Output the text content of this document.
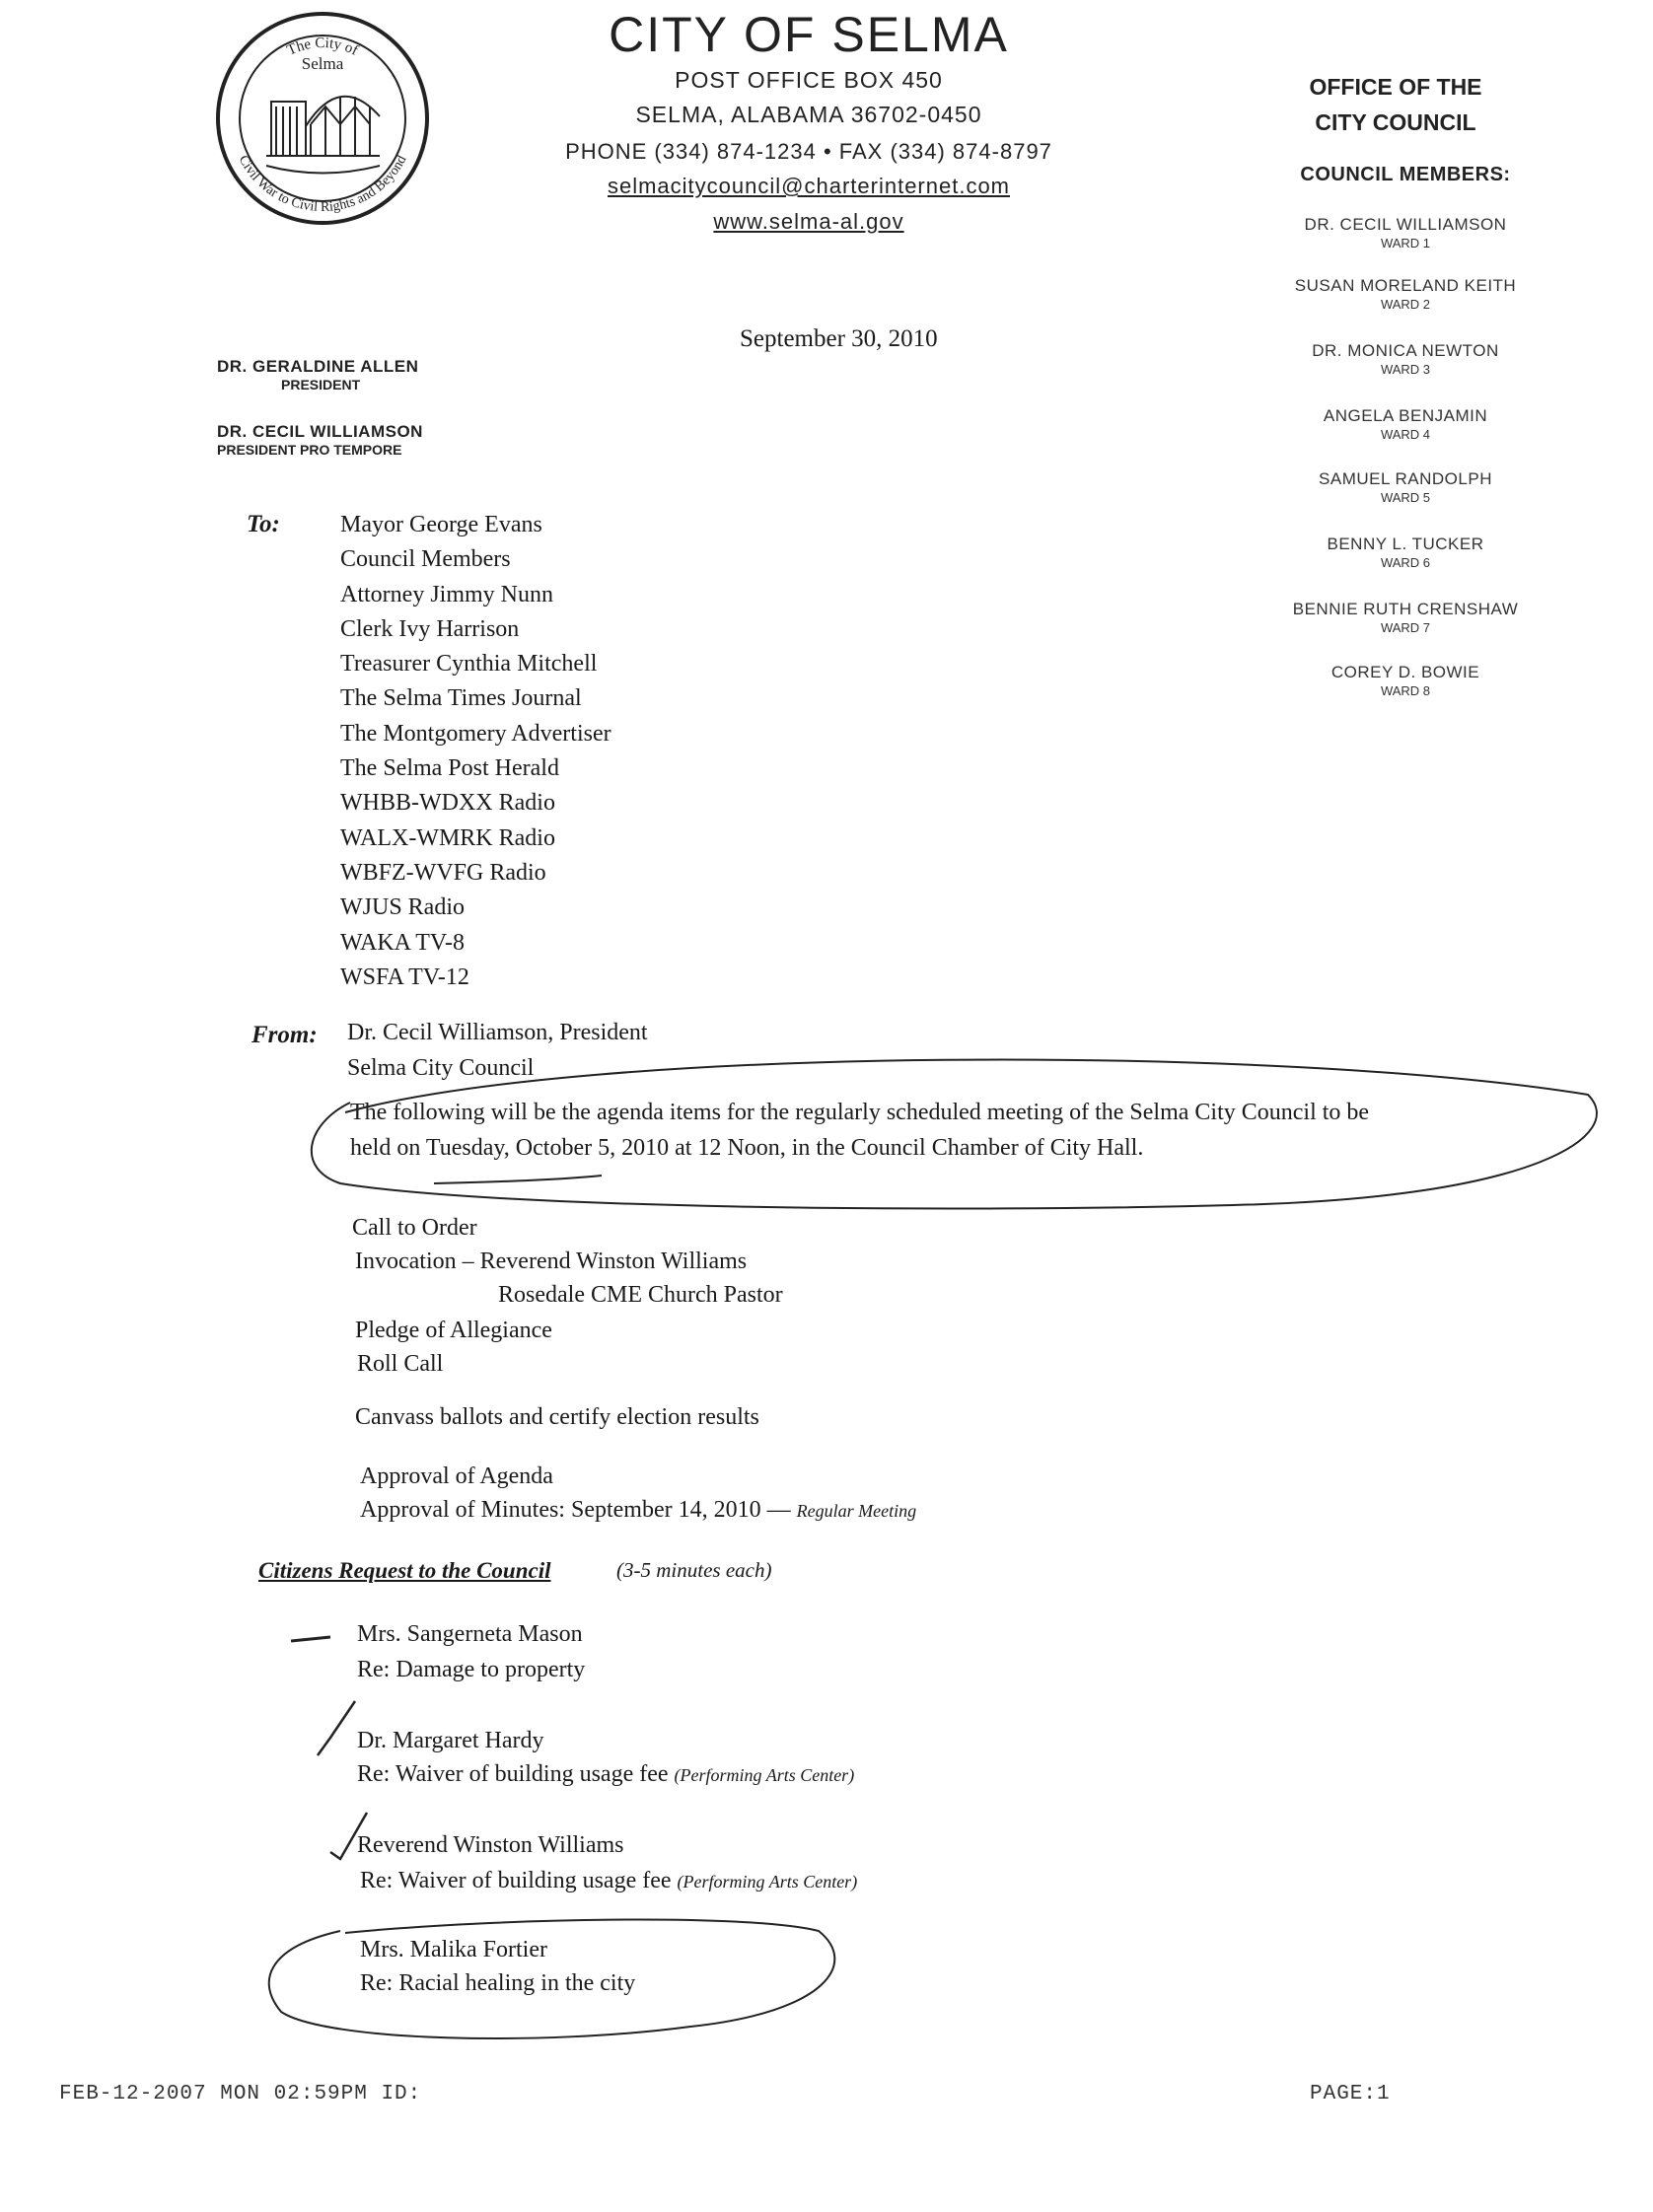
The City of
Selma
Civil War to Civil Rights and Beyond
CITY OF SELMA
POST OFFICE BOX 450
SELMA, ALABAMA 36702-0450
PHONE (334) 874-1234 • FAX (334) 874-8797
selmacitycouncil@charterinternet.com
www.selma-al.gov
OFFICE OF THE
CITY COUNCIL
COUNCIL MEMBERS:
DR. CECIL WILLIAMSON
WARD 1
SUSAN MORELAND KEITH
WARD 2
DR. MONICA NEWTON
WARD 3
ANGELA BENJAMIN
WARD 4
SAMUEL RANDOLPH
WARD 5
BENNY L. TUCKER
WARD 6
BENNIE RUTH CRENSHAW
WARD 7
COREY D. BOWIE
WARD 8
DR. GERALDINE ALLEN
PRESIDENT
DR. CECIL WILLIAMSON
PRESIDENT PRO TEMPORE
September 30, 2010
To:	Mayor George Evans
Council Members
Attorney Jimmy Nunn
Clerk Ivy Harrison
Treasurer Cynthia Mitchell
The Selma Times Journal
The Montgomery Advertiser
The Selma Post Herald
WHBB-WDXX Radio
WALX-WMRK Radio
WBFZ-WVFG Radio
WJUS Radio
WAKA TV-8
WSFA TV-12
From: Dr. Cecil Williamson, President
Selma City Council
The following will be the agenda items for the regularly scheduled meeting of the Selma City Council to be
held on Tuesday, October 5, 2010 at 12 Noon, in the Council Chamber of City Hall.
Call to Order
Invocation – Reverend Winston Williams
Rosedale CME Church Pastor
Pledge of Allegiance
Roll Call
Canvass ballots and certify election results
Approval of Agenda
Approval of Minutes: September 14, 2010 — Regular Meeting
Citizens Request to the Council	(3-5 minutes each)
Mrs. Sangerneta Mason
Re: Damage to property
Dr. Margaret Hardy
Re: Waiver of building usage fee (Performing Arts Center)
Reverend Winston Williams
Re: Waiver of building usage fee (Performing Arts Center)
Mrs. Malika Fortier
Re: Racial healing in the city
FEB-12-2007 MON 02:59PM ID:	PAGE:1
